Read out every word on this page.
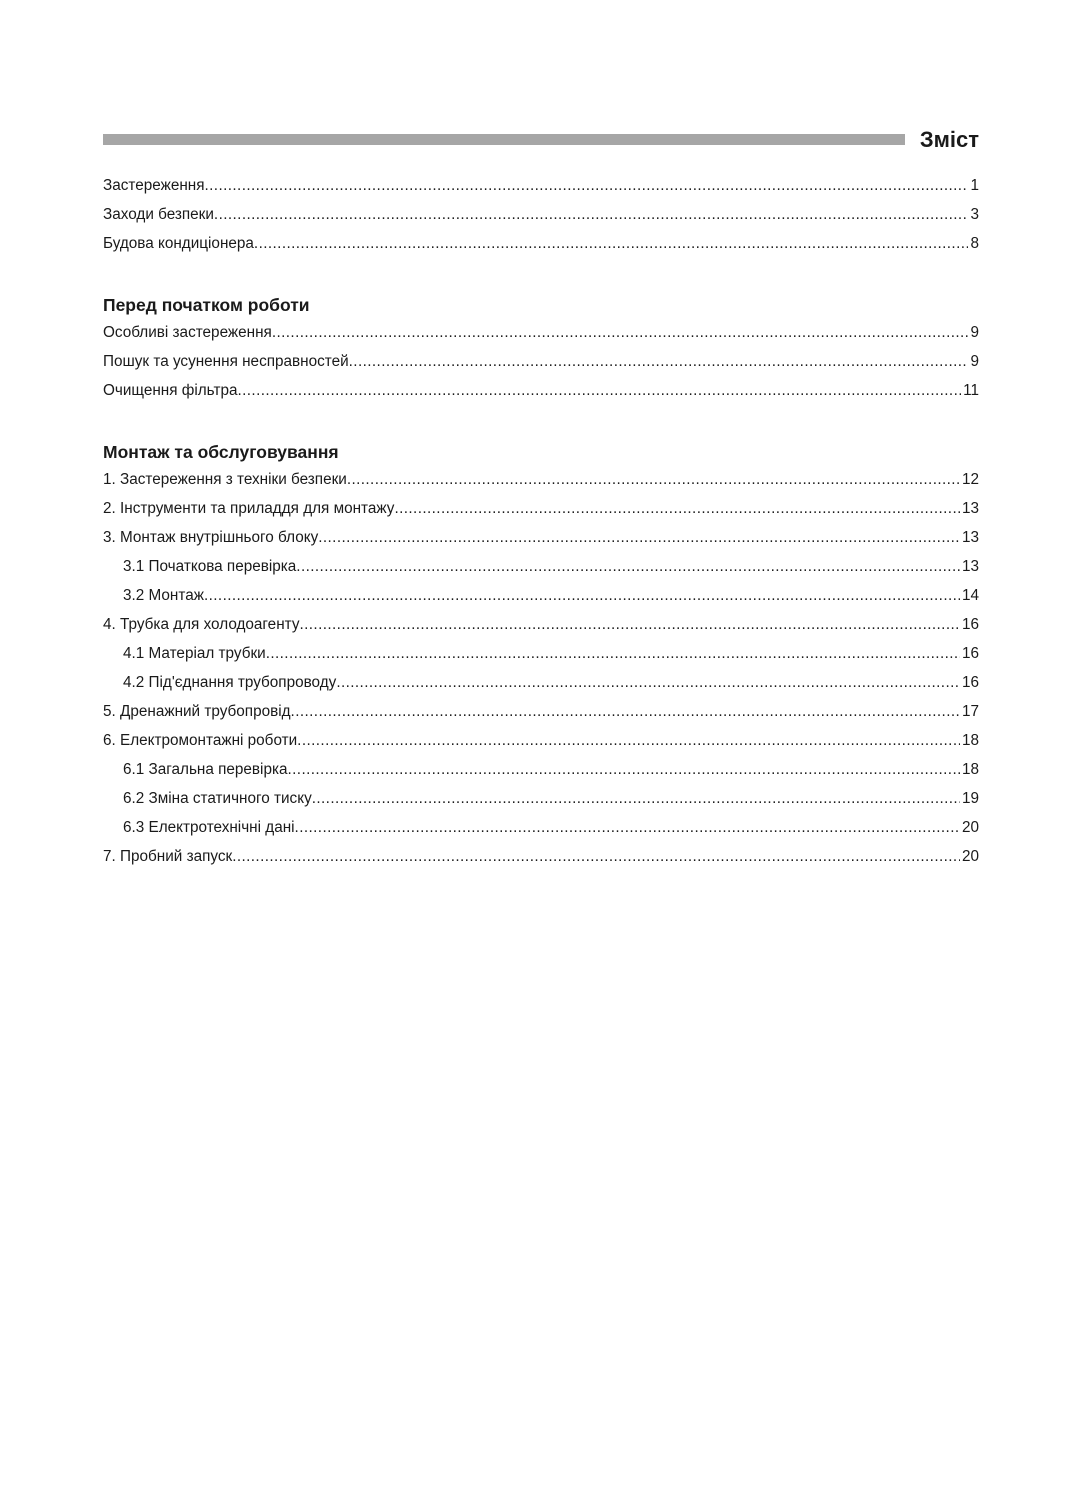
Зміст
Застереження .....	1
Заходи безпеки .....	3
Будова кондиціонера .....	8
Перед початком роботи
Особливі застереження .....	9
Пошук та усунення несправностей .....	9
Очищення фільтра .....	11
Монтаж та обслуговування
1. Застереження з техніки безпеки .....	12
2. Інструменти та приладдя для монтажу .....	13
3. Монтаж внутрішнього блоку .....	13
3.1 Початкова перевірка .....	13
3.2 Монтаж .....	14
4. Трубка для холодоагенту .....	16
4.1 Матеріал трубки .....	16
4.2 Під'єднання трубопроводу .....	16
5. Дренажний трубопровід .....	17
6. Електромонтажні роботи .....	18
6.1 Загальна перевірка .....	18
6.2 Зміна статичного тиску .....	19
6.3 Електротехнічні дані .....	20
7. Пробний запуск .....	20
